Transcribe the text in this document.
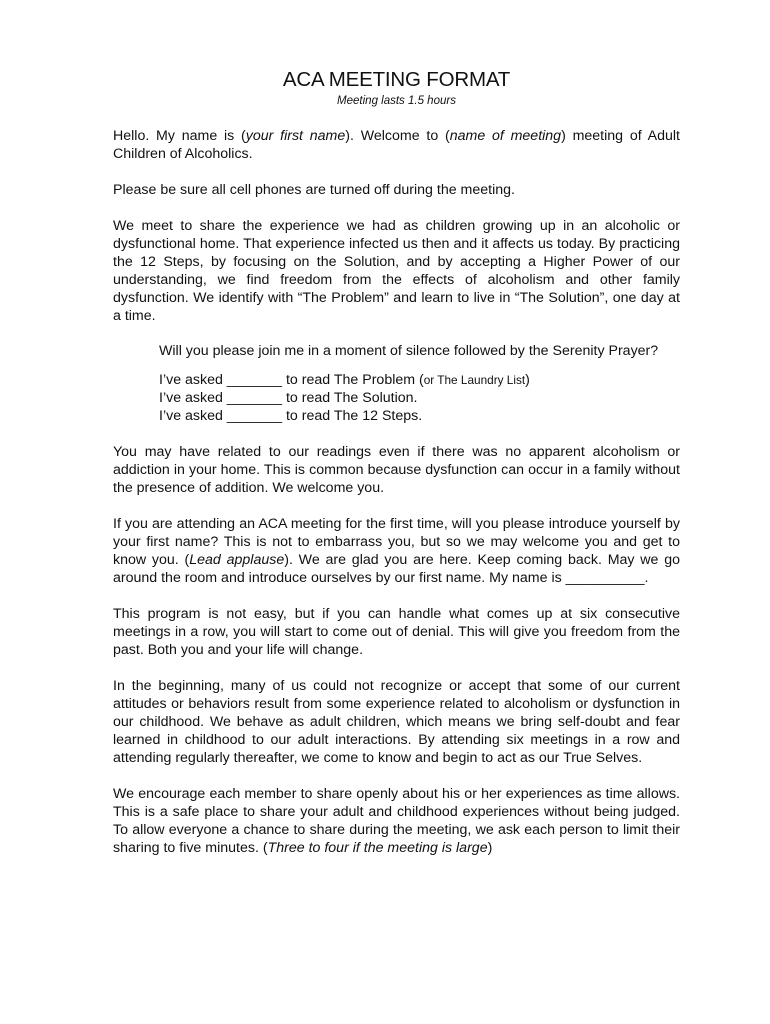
ACA MEETING FORMAT
Meeting lasts 1.5 hours

Hello. My name is (your first name). Welcome to (name of meeting) meeting of Adult Children of Alcoholics.

Please be sure all cell phones are turned off during the meeting.

We meet to share the experience we had as children growing up in an alcoholic or dysfunctional home. That experience infected us then and it affects us today. By practicing the 12 Steps, by focusing on the Solution, and by accepting a Higher Power of our understanding, we find freedom from the effects of alcoholism and other family dysfunction. We identify with “The Problem” and learn to live in “The Solution”, one day at a time.

Will you please join me in a moment of silence followed by the Serenity Prayer?

I’ve asked _______ to read The Problem (or The Laundry List)

I’ve asked _______ to read The Solution.

I’ve asked _______ to read The 12 Steps.

You may have related to our readings even if there was no apparent alcoholism or addiction in your home. This is common because dysfunction can occur in a family without the presence of addition. We welcome you.

If you are attending an ACA meeting for the first time, will you please introduce yourself by your first name? This is not to embarrass you, but so we may welcome you and get to know you. (Lead applause). We are glad you are here. Keep coming back. May we go around the room and introduce ourselves by our first name. My name is __________.

This program is not easy, but if you can handle what comes up at six consecutive meetings in a row, you will start to come out of denial. This will give you freedom from the past. Both you and your life will change.

In the beginning, many of us could not recognize or accept that some of our current attitudes or behaviors result from some experience related to alcoholism or dysfunction in our childhood. We behave as adult children, which means we bring self-doubt and fear learned in childhood to our adult interactions. By attending six meetings in a row and attending regularly thereafter, we come to know and begin to act as our True Selves.

We encourage each member to share openly about his or her experiences as time allows. This is a safe place to share your adult and childhood experiences without being judged. To allow everyone a chance to share during the meeting, we ask each person to limit their sharing to five minutes. (Three to four if the meeting is large)
